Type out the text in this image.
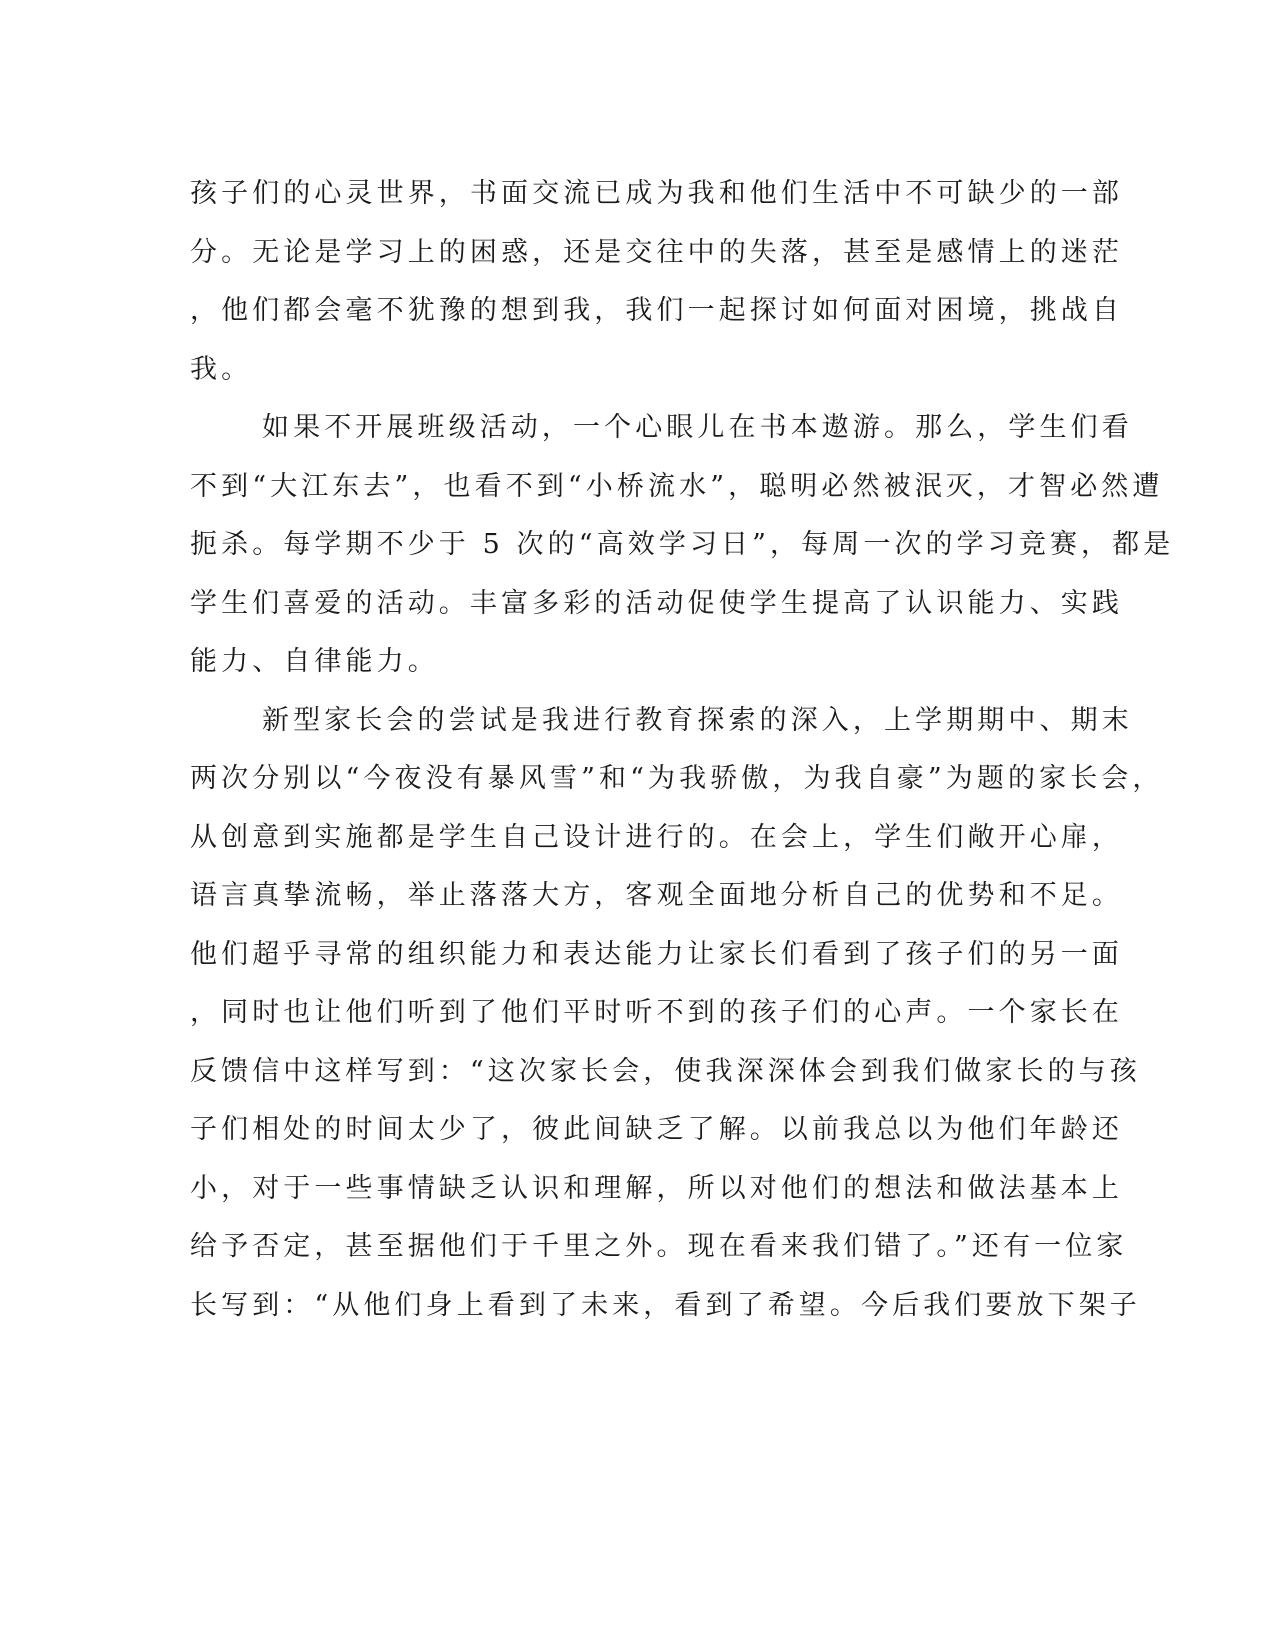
孩子们的心灵世界，书面交流已成为我和他们生活中不可缺少的一部
分。无论是学习上的困惑，还是交往中的失落，甚至是感情上的迷茫
，他们都会毫不犹豫的想到我，我们一起探讨如何面对困境，挑战自
我。
如果不开展班级活动，一个心眼儿在书本遨游。那么，学生们看
不到“大江东去”，也看不到“小桥流水”，聪明必然被泯灭，才智必然遭
扼杀。每学期不少于 5 次的“高效学习日”，每周一次的学习竞赛，都是
学生们喜爱的活动。丰富多彩的活动促使学生提高了认识能力、实践
能力、自律能力。
新型家长会的尝试是我进行教育探索的深入，上学期期中、期末
两次分别以“今夜没有暴风雪”和“为我骄傲，为我自豪”为题的家长会，
从创意到实施都是学生自己设计进行的。在会上，学生们敞开心扉，
语言真挚流畅，举止落落大方，客观全面地分析自己的优势和不足。
他们超乎寻常的组织能力和表达能力让家长们看到了孩子们的另一面
，同时也让他们听到了他们平时听不到的孩子们的心声。一个家长在
反馈信中这样写到：“这次家长会，使我深深体会到我们做家长的与孩
子们相处的时间太少了，彼此间缺乏了解。以前我总以为他们年龄还
小，对于一些事情缺乏认识和理解，所以对他们的想法和做法基本上
给予否定，甚至据他们于千里之外。现在看来我们错了。”还有一位家
长写到：“从他们身上看到了未来，看到了希望。今后我们要放下架子
